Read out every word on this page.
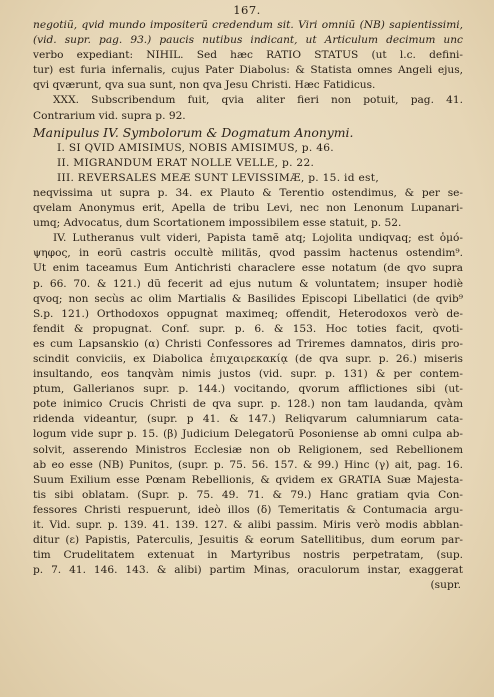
167.
negotiũ, qvid mundo impositerũ credendum sit. Viri omniũ (NB) sapientissimi,
(vid. supr. pag. 93.) paucis nutibus indicant, ut Articulum decimum unc
verbo expediant: NIHIL. Sed hæc RATIO STATUS (ut l.c. defini-
tur) est furia infernalis, cujus Pater Diabolus: & Statista omnes Angeli ejus,
qvi qværunt, qva sua sunt, non qva Jesu Christi. Hæc Fatidicus.
XXX. Subscribendum fuit, qvia aliter fieri non potuit, pag. 41.
Contrarium vid. supra p. 92.
Manipulus IV. Symbolorum & Dogmatum Anonymi.
I. SI QVID AMISIMUS, NOBIS AMISIMUS, p. 46.
II. MIGRANDUM ERAT NOLLE VELLE, p. 22.
III. REVERSALES MEÆ SUNT LEVISSIMÆ, p. 15. id est,
neqvissima ut supra p. 34. ex Plauto & Terentio ostendimus, & per se-
qvelam Anonymus erit, Apella de tribu Levi, nec non Lenonum Lupanari-
umq; Advocatus, dum Scortationem impossibilem esse statuit, p. 52.
IV. Lutheranus vult videri, Papista tamẽ atq; Lojolita undiqvaq; est ὁμό-
ψηφος, in eorũ castris occultè militãs, qvod passim hactenus ostendim⁹.
Ut enim taceamus Eum Antichristi characlere esse notatum (de qvo supra
p. 66. 70. & 121.) dũ fecerit ad ejus nutum & voluntatem; insuper hodiè
qvoq; non secùs ac olim Martialis & Basilides Episcopi Libellatici (de qvib⁹
S.p. 121.) Orthodoxos oppugnat maximeq; offendit, Heterodoxos verò de-
fendit & propugnat. Conf. supr. p. 6. & 153. Hoc toties facit, qvoti-
es cum Lapsanskio (α) Christi Confessores ad Triremes damnatos, diris pro-
scindit conviciis, ex Diabolica ἐπιχαιρεκακίᾳ (de qva supr. p. 26.) miseris
insultando, eos tanqvàm nimis justos (vid. supr. p. 131) & per contem-
ptum, Gallerianos supr. p. 144.) vocitando, qvorum afflictiones sibi (ut-
pote inimico Crucis Christi de qva supr. p. 128.) non tam laudanda, qvàm
ridenda videantur, (supr. p 41. & 147.) Reliqvarum calumniarum cata-
logum vide supr p. 15. (β) Judicium Delegatorũ Posoniense ab omni culpa ab-
solvit, asserendo Ministros Ecclesiæ non ob Religionem, sed Rebellionem
ab eo esse (NB) Punitos, (supr. p. 75. 56. 157. & 99.) Hinc (γ) ait, pag. 16.
Suum Exilium esse Pœnam Rebellionis, & qvidem ex GRATIA Suæ Majesta-
tis sibi oblatam. (Supr. p. 75. 49. 71. & 79.) Hanc gratiam qvia Con-
fessores Christi respuerunt, ideò illos (δ) Temeritatis & Contumacia argu-
it. Vid. supr. p. 139. 41. 139. 127. & alibi passim. Miris verò modis abblan-
ditur (ε) Papistis, Paterculis, Jesuitis & eorum Satellitibus, dum eorum par-
tim Crudelitatem extenuat in Martyribus nostris perpetratam, (sup.
p. 7. 41. 146. 143. & alibi) partim Minas, oraculorum instar, exaggerat
(supr.
